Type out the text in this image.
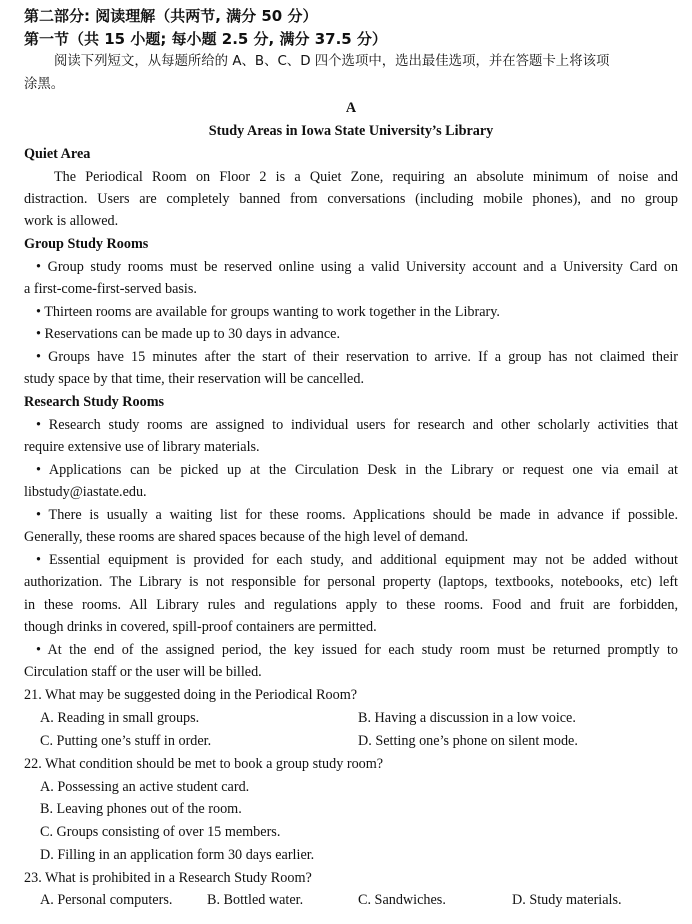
第二部分: 阅读理解（共两节, 满分 50 分）
第一节（共 15 小题; 每小题 2.5 分, 满分 37.5 分）
阅读下列短文，从每题所给的 A、B、C、D 四个选项中，选出最佳选项，并在答题卡上将该项
涂黑。
A
Study Areas in Iowa State University’s Library
Quiet Area
The Periodical Room on Floor 2 is a Quiet Zone, requiring an absolute minimum of noise and
distraction. Users are completely banned from conversations (including mobile phones), and no group
work is allowed.
Group Study Rooms
• Group study rooms must be reserved online using a valid University account and a University Card on
a first-come-first-served basis.
• Thirteen rooms are available for groups wanting to work together in the Library.
• Reservations can be made up to 30 days in advance.
• Groups have 15 minutes after the start of their reservation to arrive. If a group has not claimed their
study space by that time, their reservation will be cancelled.
Research Study Rooms
• Research study rooms are assigned to individual users for research and other scholarly activities that
require extensive use of library materials.
• Applications can be picked up at the Circulation Desk in the Library or request one via email at
libstudy@iastate.edu.
• There is usually a waiting list for these rooms. Applications should be made in advance if possible.
Generally, these rooms are shared spaces because of the high level of demand.
• Essential equipment is provided for each study, and additional equipment may not be added without
authorization. The Library is not responsible for personal property (laptops, textbooks, notebooks, etc) left
in these rooms. All Library rules and regulations apply to these rooms. Food and fruit are forbidden,
though drinks in covered, spill-proof containers are permitted.
• At the end of the assigned period, the key issued for each study room must be returned promptly to
Circulation staff or the user will be billed.
21. What may be suggested doing in the Periodical Room?
A. Reading in small groups.	B. Having a discussion in a low voice.
C. Putting one’s stuff in order.	D. Setting one’s phone on silent mode.
22. What condition should be met to book a group study room?
A. Possessing an active student card.
B. Leaving phones out of the room.
C. Groups consisting of over 15 members.
D. Filling in an application form 30 days earlier.
23. What is prohibited in a Research Study Room?
A. Personal computers. B. Bottled water.	C. Sandwiches.	D. Study materials.
